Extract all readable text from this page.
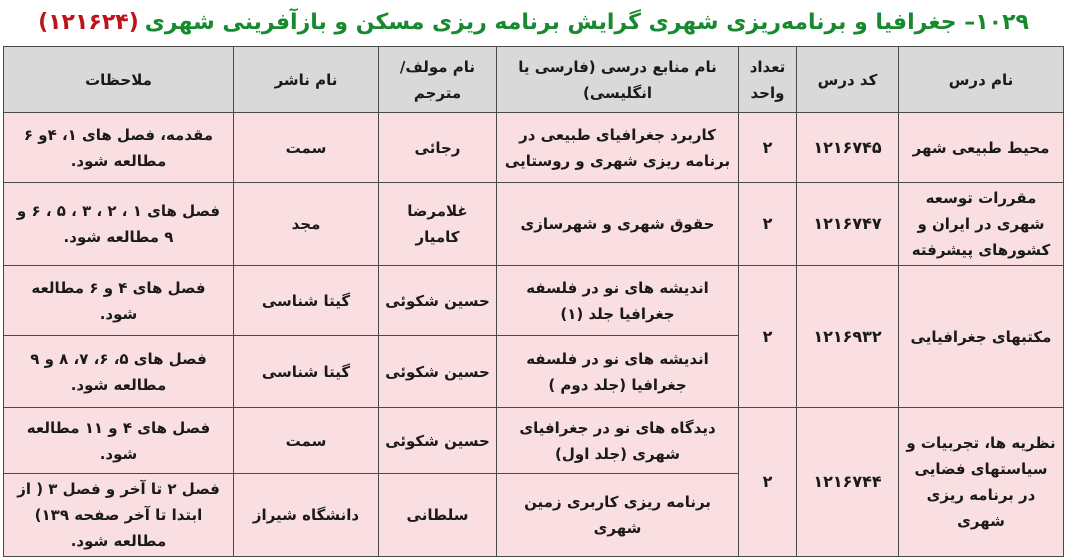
۱۰۲۹– جغرافیا و برنامه‌ریزی شهری گرایش برنامه ریزی مسکن و بازآفرینی شهری
(۱۲۱۶۲۴)
نام درس	کد درس	تعداد واحد	نام منابع درسی (فارسی یا انگلیسی)	نام مولف/ مترجم	نام ناشر	ملاحظات
محیط طبیعی شهر	۱۲۱۶۷۴۵	۲	کاربرد جغرافیای طبیعی در برنامه ریزی شهری و روستایی	رجائی	سمت	مقدمه، فصل های ۱، ۴و ۶ مطالعه شود.
مقررات توسعه شهری در ایران و کشورهای پیشرفته	۱۲۱۶۷۴۷	۲	حقوق شهری و شهرسازی	غلامرضا کامیار	مجد	فصل های ۱ ، ۲ ، ۳ ، ۵ ، ۶ و ۹ مطالعه شود.
مکتبهای جغرافیایی	۱۲۱۶۹۳۲	۲	اندیشه های نو در فلسفه جغرافیا جلد (۱)	حسین شکوئی	گیتا شناسی	فصل های ۴ و ۶ مطالعه شود.
			اندیشه های نو در فلسفه جغرافیا (جلد دوم )	حسین شکوئی	گیتا شناسی	فصل های ۵، ۶، ۷، ۸ و ۹ مطالعه شود.
نظریه ها، تجربیات و سیاستهای فضایی در برنامه ریزی شهری	۱۲۱۶۷۴۴	۲	دیدگاه های نو در جغرافیای شهری (جلد اول)	حسین شکوئی	سمت	فصل های ۴ و ۱۱ مطالعه شود.
			برنامه ریزی کاربری زمین شهری	سلطانی	دانشگاه شیراز	فصل ۲ تا آخر و فصل ۳ ( از ابتدا تا آخر صفحه ۱۳۹) مطالعه شود.
